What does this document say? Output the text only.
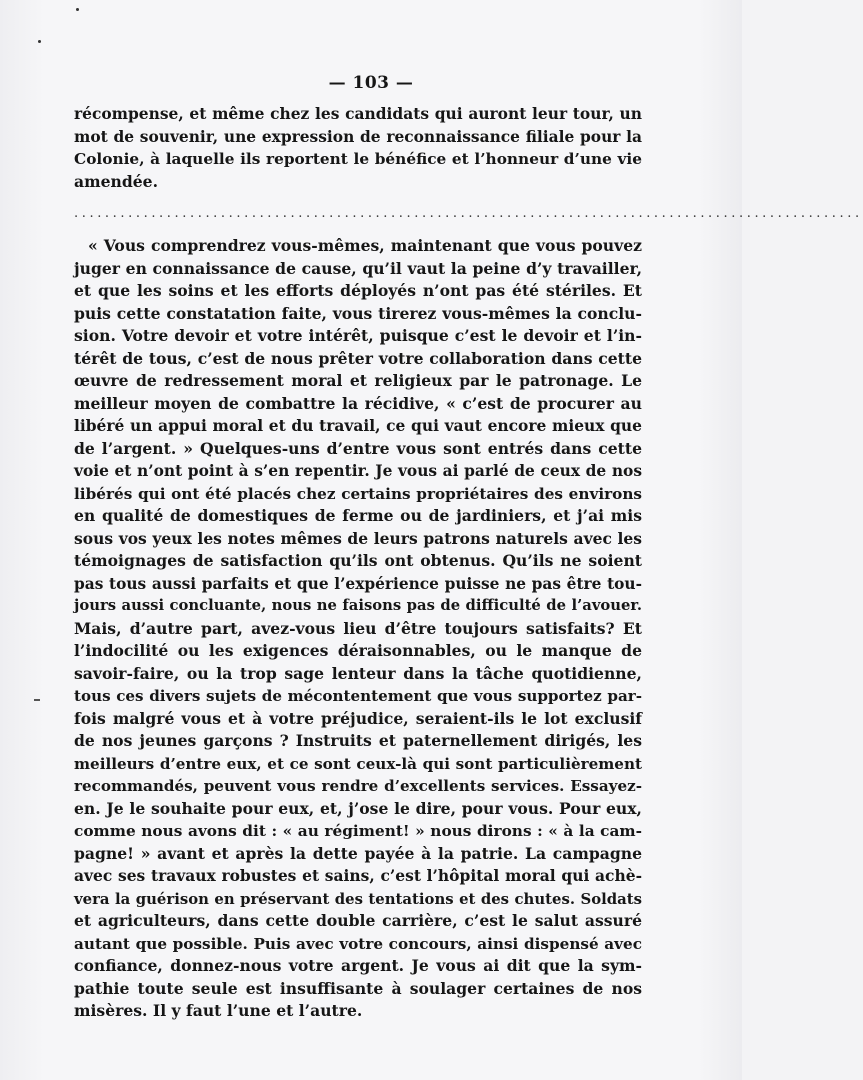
— 103 —
récompense, et même chez les candidats qui auront leur tour, un
mot de souvenir, une expression de reconnaissance filiale pour la
Colonie, à laquelle ils reportent le bénéfice et l’honneur d’une vie
amendée.
......................................................................................................
« Vous comprendrez vous-mêmes, maintenant que vous pouvez
juger en connaissance de cause, qu’il vaut la peine d’y travailler,
et que les soins et les efforts déployés n’ont pas été stériles. Et
puis cette constatation faite, vous tirerez vous-mêmes la conclu-
sion. Votre devoir et votre intérêt, puisque c’est le devoir et l’in-
térêt de tous, c’est de nous prêter votre collaboration dans cette
œuvre de redressement moral et religieux par le patronage. Le
meilleur moyen de combattre la récidive, « c’est de procurer au
libéré un appui moral et du travail, ce qui vaut encore mieux que
de l’argent. » Quelques-uns d’entre vous sont entrés dans cette
voie et n’ont point à s’en repentir. Je vous ai parlé de ceux de nos
libérés qui ont été placés chez certains propriétaires des environs
en qualité de domestiques de ferme ou de jardiniers, et j’ai mis
sous vos yeux les notes mêmes de leurs patrons naturels avec les
témoignages de satisfaction qu’ils ont obtenus. Qu’ils ne soient
pas tous aussi parfaits et que l’expérience puisse ne pas être tou-
jours aussi concluante, nous ne faisons pas de difficulté de l’avouer.
Mais, d’autre part, avez-vous lieu d’être toujours satisfaits? Et
l’indocilité ou les exigences déraisonnables, ou le manque de
savoir-faire, ou la trop sage lenteur dans la tâche quotidienne,
tous ces divers sujets de mécontentement que vous supportez par-
fois malgré vous et à votre préjudice, seraient-ils le lot exclusif
de nos jeunes garçons ? Instruits et paternellement dirigés, les
meilleurs d’entre eux, et ce sont ceux-là qui sont particulièrement
recommandés, peuvent vous rendre d’excellents services. Essayez-
en. Je le souhaite pour eux, et, j’ose le dire, pour vous. Pour eux,
comme nous avons dit : « au régiment! » nous dirons : « à la cam-
pagne! » avant et après la dette payée à la patrie. La campagne
avec ses travaux robustes et sains, c’est l’hôpital moral qui achè-
vera la guérison en préservant des tentations et des chutes. Soldats
et agriculteurs, dans cette double carrière, c’est le salut assuré
autant que possible. Puis avec votre concours, ainsi dispensé avec
confiance, donnez-nous votre argent. Je vous ai dit que la sym-
pathie toute seule est insuffisante à soulager certaines de nos
misères. Il y faut l’une et l’autre.
